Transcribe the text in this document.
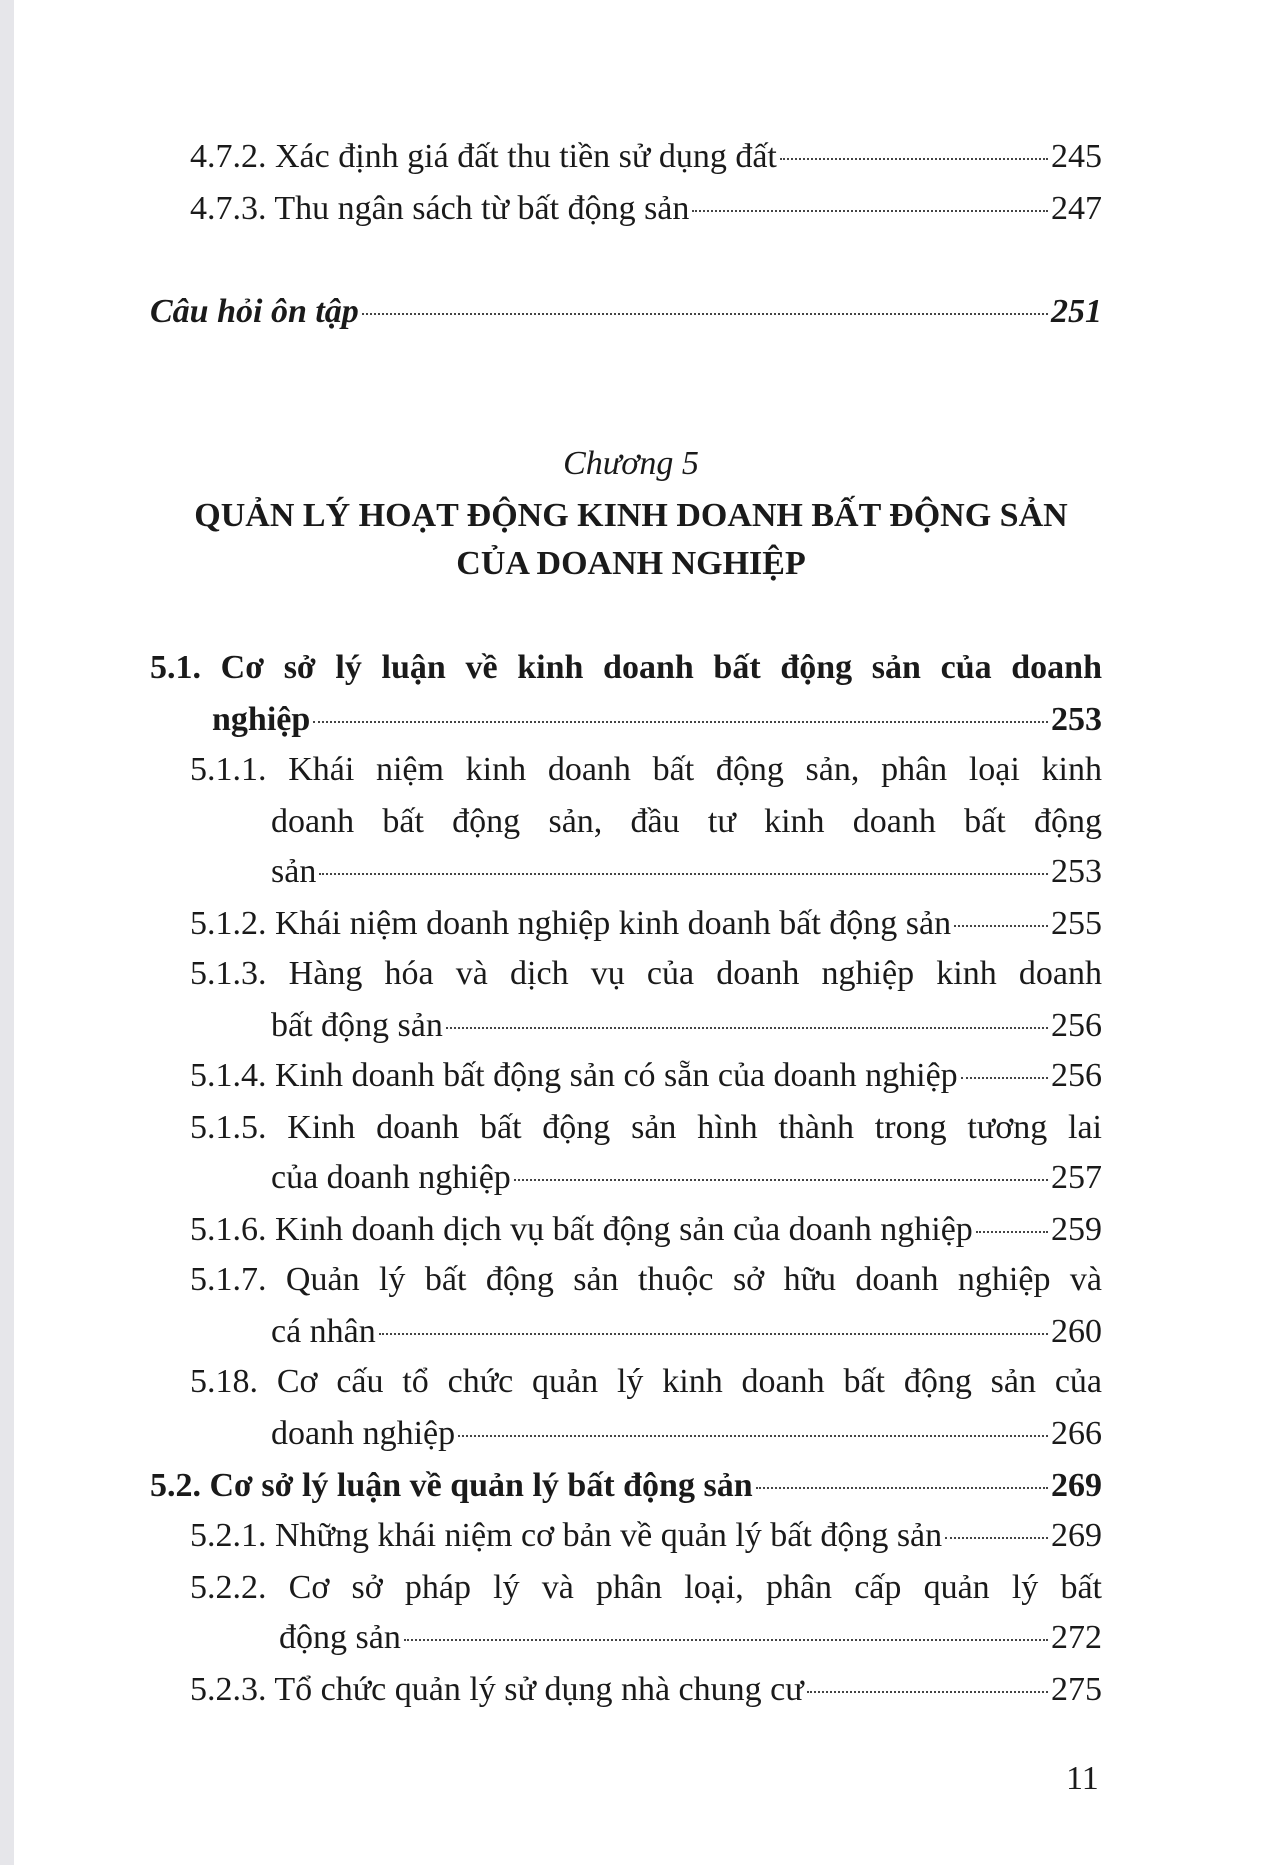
4.7.2. Xác định giá đất thu tiền sử dụng đất	245
4.7.3. Thu ngân sách từ bất động sản	247
Câu hỏi ôn tập	251
Chương 5
QUẢN LÝ HOẠT ĐỘNG KINH DOANH BẤT ĐỘNG SẢN
CỦA DOANH NGHIỆP
5.1. Cơ sở lý luận về kinh doanh bất động sản của doanh
nghiệp	253
5.1.1. Khái niệm kinh doanh bất động sản, phân loại kinh
doanh bất động sản, đầu tư kinh doanh bất động
sản	253
5.1.2. Khái niệm doanh nghiệp kinh doanh bất động sản	255
5.1.3. Hàng hóa và dịch vụ của doanh nghiệp kinh doanh
bất động sản	256
5.1.4. Kinh doanh bất động sản có sẵn của doanh nghiệp	256
5.1.5. Kinh doanh bất động sản hình thành trong tương lai
của doanh nghiệp	257
5.1.6. Kinh doanh dịch vụ bất động sản của doanh nghiệp 259
5.1.7. Quản lý bất động sản thuộc sở hữu doanh nghiệp và
cá nhân	260
5.18. Cơ cấu tổ chức quản lý kinh doanh bất động sản của
doanh nghiệp	266
5.2. Cơ sở lý luận về quản lý bất động sản	269
5.2.1. Những khái niệm cơ bản về quản lý bất động sản	269
5.2.2. Cơ sở pháp lý và phân loại, phân cấp quản lý bất
động sản	272
5.2.3. Tổ chức quản lý sử dụng nhà chung cư	275
11
